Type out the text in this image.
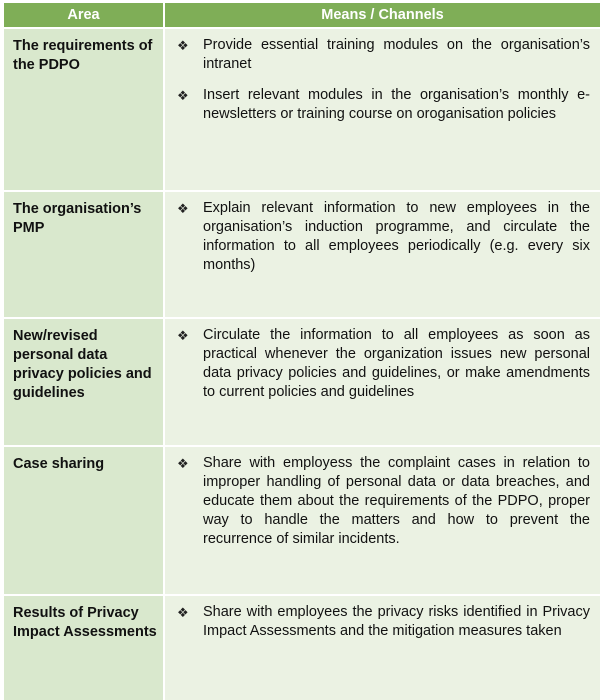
Area	Means / Channels
The requirements of the PDPO	❖ Provide essential training modules on the organisation’s intranet
❖ Insert relevant modules in the organisation’s monthly e-newsletters or training course on oroganisation policies

The organisation’s PMP	❖ Explain relevant information to new employees in the organisation’s induction programme, and circulate the information to all employees periodically (e.g. every six months)

New/revised personal data privacy policies and guidelines	❖ Circulate the information to all employees as soon as practical whenever the organization issues new personal data privacy policies and guidelines, or make amendments to current policies and guidelines

Case sharing	❖ Share with employess the complaint cases in relation to improper handling of personal data or data breaches, and educate them about the requirements of the PDPO, proper way to handle the matters and how to prevent the recurrence of similar incidents.

Results of Privacy Impact Assessments	❖ Share with employees the privacy risks identified in Privacy Impact Assessments and the mitigation measures taken
